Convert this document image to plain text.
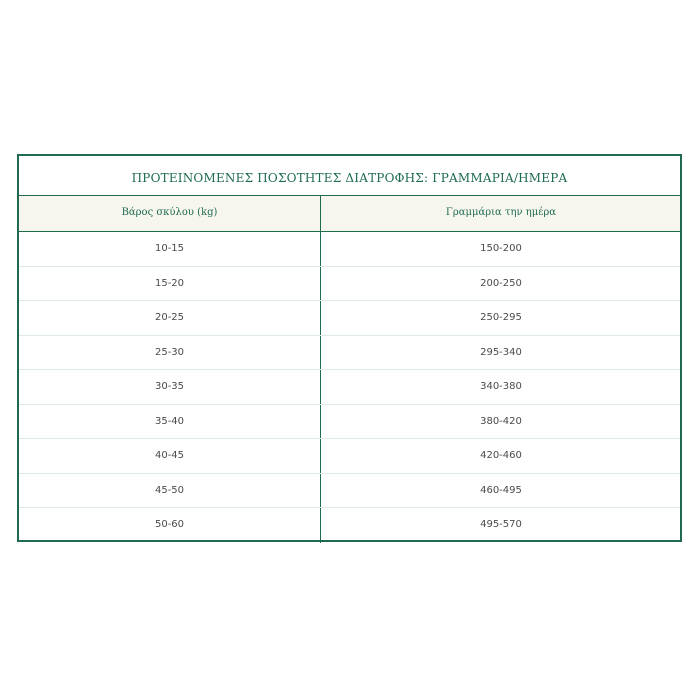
ΠΡΟΤΕΙΝΟΜΕΝΕΣ ΠΟΣΟΤΗΤΕΣ ΔΙΑΤΡΟΦΗΣ: ΓΡΑΜΜΑΡΙΑ/ΗΜΕΡΑ
Βάρος σκύλου (kg)	Γραμμάρια την ημέρα
10-15	150-200
15-20	200-250
20-25	250-295
25-30	295-340
30-35	340-380
35-40	380-420
40-45	420-460
45-50	460-495
50-60	495-570
